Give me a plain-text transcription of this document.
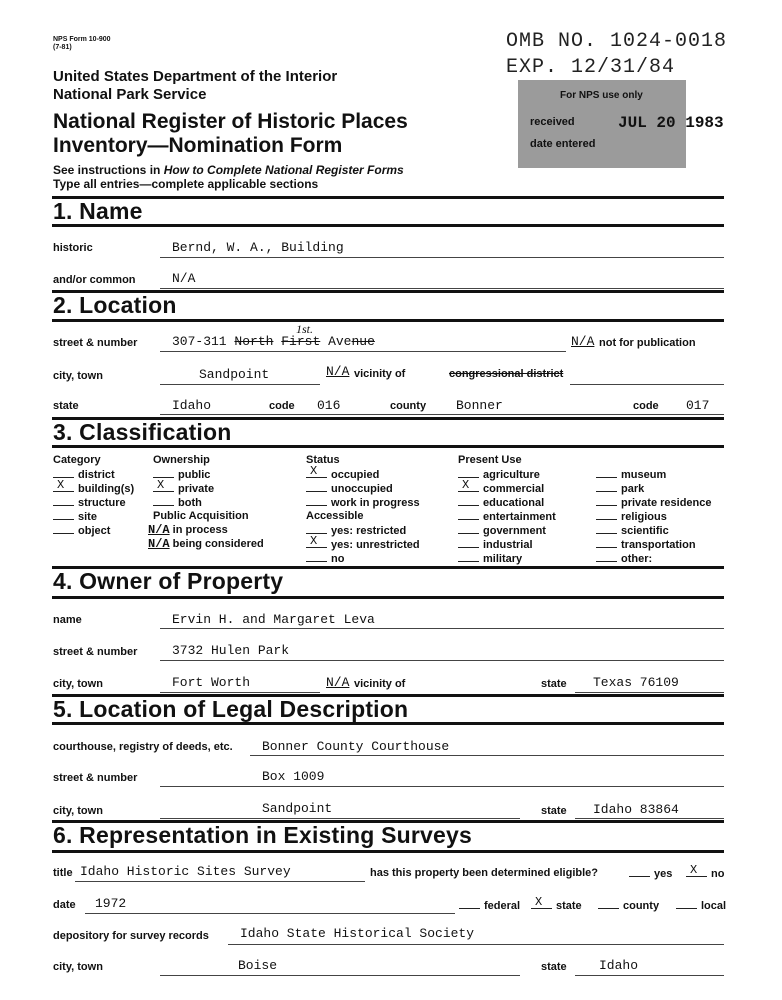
NPS Form 10-900
(7-81)	OMB NO. 1024-0018
EXP. 12/31/84
United States Department of the Interior
National Park Service
National Register of Historic Places
Inventory—Nomination Form
See instructions in How to Complete National Register Forms
Type all entries—complete applicable sections
For NPS use only
received	JUL 20 1983
date entered
1. Name
historic	Bernd, W. A., Building
and/or common	N/A
2. Location
street & number	307-311 North First Avenue
1st.
N/A not for publication
city, town	Sandpoint	N/A vicinity of	congressional district
state	Idaho	code 016	county Bonner	code 017
3. Classification
Category
district
X building(s)
structure
site
object
Ownership
public
X private
both
Public Acquisition
N/A in process
N/A being considered
Status
X occupied
unoccupied
work in progress
Accessible
yes: restricted
X yes: unrestricted
no
Present Use
agriculture
X commercial
educational
entertainment
government
industrial
military
museum
park
private residence
religious
scientific
transportation
other:
4. Owner of Property
name	Ervin H. and Margaret Leva
street & number	3732 Hulen Park
city, town	Fort Worth	N/A vicinity of	state Texas 76109
5. Location of Legal Description
courthouse, registry of deeds, etc. Bonner County Courthouse
street & number	Box 1009
city, town	Sandpoint	state Idaho 83864
6. Representation in Existing Surveys
title Idaho Historic Sites Survey	has this property been determined eligible?	yes X no
date 1972	federal X state	county	local
depository for survey records Idaho State Historical Society
city, town	Boise	state Idaho
